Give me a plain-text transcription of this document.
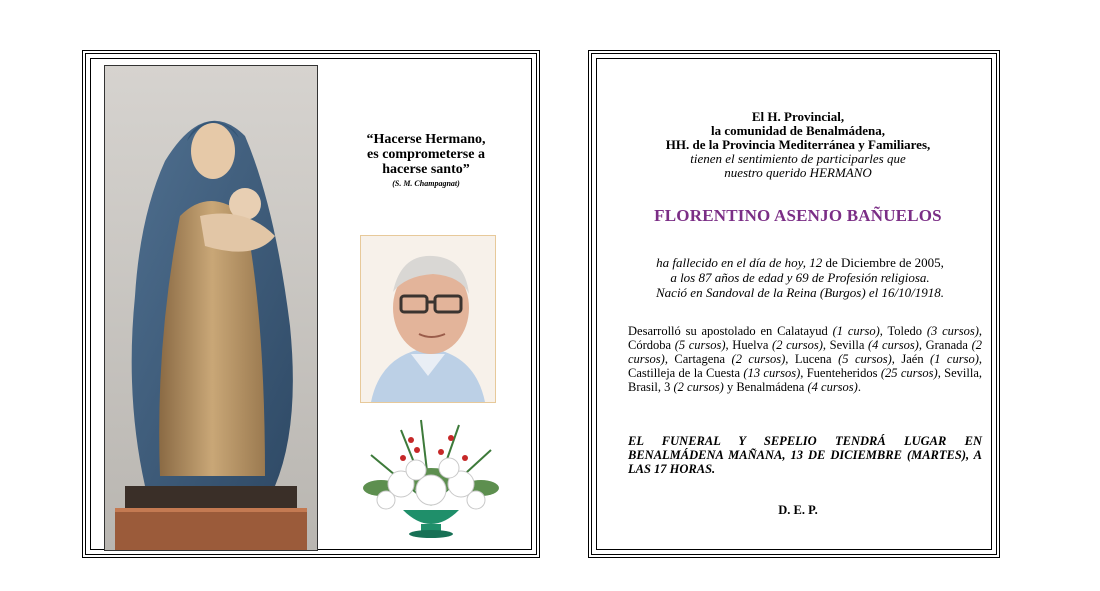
“Hacerse Hermano,
es comprometerse a
hacerse santo”
(S. M. Champagnat)
El H. Provincial,
la comunidad de Benalmádena,
HH. de la Provincia Mediterránea y Familiares,
tienen el sentimiento de participarles que
nuestro querido HERMANO
FLORENTINO ASENJO BAÑUELOS
ha fallecido en el día de hoy, 12 de Diciembre de 2005,
a los 87 años de edad y 69 de Profesión religiosa.
Nació en Sandoval de la Reina (Burgos) el 16/10/1918.
Desarrolló su apostolado en Calatayud (1 curso), Toledo (3 cursos), Córdoba (5 cursos), Huelva (2 cursos), Sevilla (4 cursos), Granada (2 cursos), Cartagena (2 cursos), Lucena (5 cursos), Jaén (1 curso), Castilleja de la Cuesta (13 cursos), Fuenteheridos (25 cursos), Sevilla, Brasil, 3 (2 cursos) y Benalmádena (4 cursos).
EL FUNERAL Y SEPELIO TENDRÁ LUGAR EN BENALMÁDENA MAÑANA, 13 DE DICIEMBRE (MARTES), A LAS 17 HORAS.
D. E. P.
